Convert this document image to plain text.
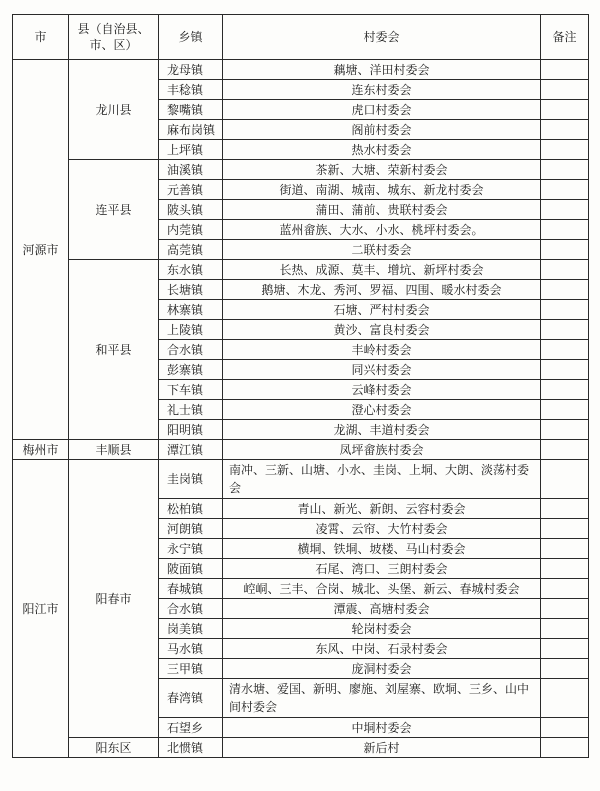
市	县（自治县、市、区）	乡镇	村委会	备注
河源市	龙川县	龙母镇	藕塘、洋田村委会	
		丰稔镇	连东村委会	
		黎嘴镇	虎口村委会	
		麻布岗镇	阁前村委会	
		上坪镇	热水村委会	
	连平县	油溪镇	茶新、大塘、荣新村委会	
		元善镇	街道、南湖、城南、城东、新龙村委会	
		陂头镇	蒲田、蒲前、贵联村委会	
		内莞镇	蓝州畲族、大水、小水、桃坪村委会。	
		高莞镇	二联村委会	
	和平县	东水镇	长热、成源、莫丰、增坑、新坪村委会	
		长塘镇	鹅塘、木龙、秀河、罗福、四围、暖水村委会	
		林寨镇	石塘、严村村委会	
		上陵镇	黄沙、富良村委会	
		合水镇	丰岭村委会	
		彭寨镇	同兴村委会	
		下车镇	云峰村委会	
		礼士镇	澄心村委会	
		阳明镇	龙湖、丰道村委会	
梅州市	丰顺县	潭江镇	凤坪畲族村委会	
阳江市	阳春市	圭岗镇	南冲、三新、山塘、小水、圭岗、上垌、大朗、淡荡村委会	
		松柏镇	青山、新光、新朗、云容村委会	
		河朗镇	凌霄、云帘、大竹村委会	
		永宁镇	横垌、铁垌、坡楼、马山村委会	
		陂面镇	石尾、湾口、三朗村委会	
		春城镇	崆峒、三丰、合岗、城北、头堡、新云、春城村委会	
		合水镇	潭震、高塘村委会	
		岗美镇	轮岗村委会	
		马水镇	东风、中岗、石录村委会	
		三甲镇	庞洞村委会	
		春湾镇	清水塘、爱国、新明、廖施、刘屋寨、欧垌、三乡、山中间村委会	
		石望乡	中垌村委会	
	阳东区	北惯镇	新后村	
